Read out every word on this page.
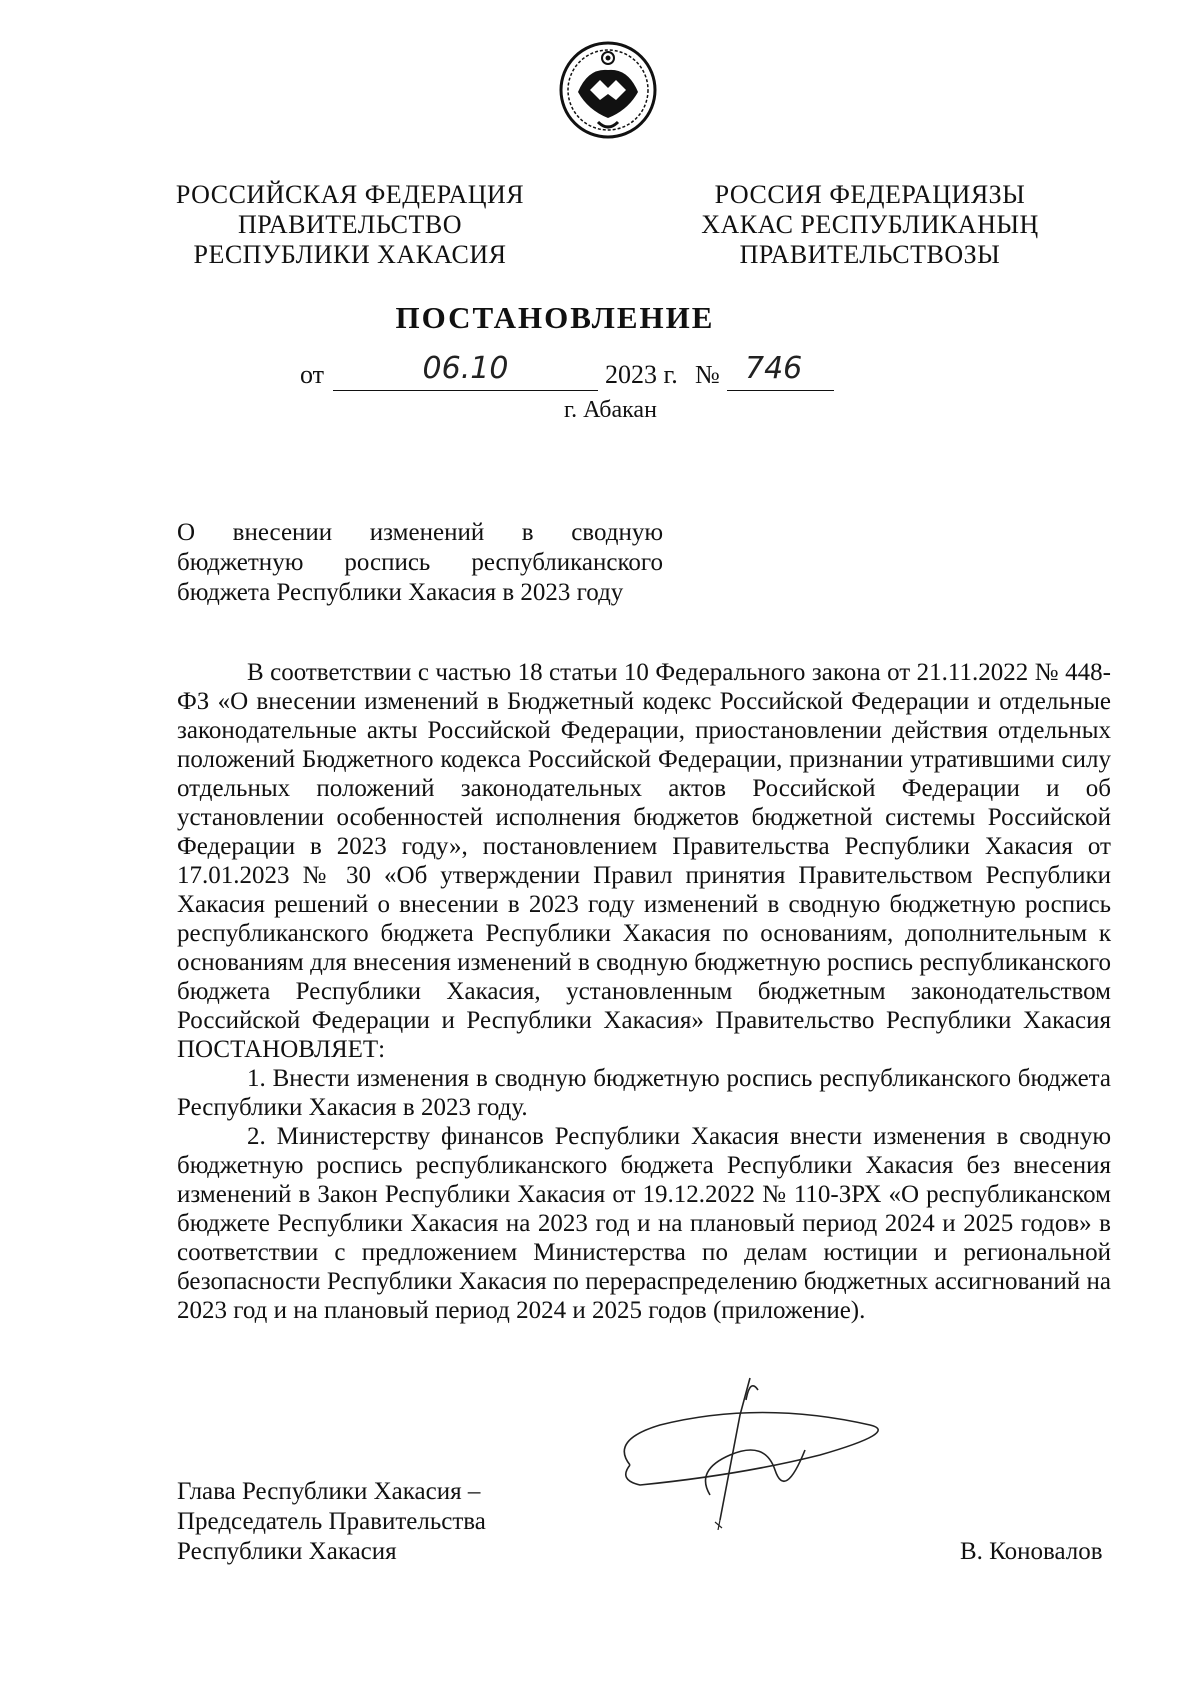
РОССИЙСКАЯ ФЕДЕРАЦИЯ
ПРАВИТЕЛЬСТВО
РЕСПУБЛИКИ ХАКАСИЯ
РОССИЯ ФЕДЕРАЦИЯЗЫ
ХАКАС РЕСПУБЛИКАНЫҢ
ПРАВИТЕЛЬСТВОЗЫ
ПОСТАНОВЛЕНИЕ
от	06.10	2023 г. № 746
г. Абакан
О внесении изменений в сводную
бюджетную роспись республиканского
бюджета Республики Хакасия в 2023 году

В соответствии с частью 18 статьи 10 Федерального закона от 21.11.2022 № 448-ФЗ «О внесении изменений в Бюджетный кодекс Российской Федерации и отдельные законодательные акты Российской Федерации, приостановлении действия отдельных положений Бюджетного кодекса Российской Федерации, признании утратившими силу отдельных положений законодательных актов Российской Федерации и об установлении особенностей исполнения бюджетов бюджетной системы Российской Федерации в 2023 году», постановлением Правительства Республики Хакасия от 17.01.2023 № 30 «Об утверждении Правил принятия Правительством Республики Хакасия решений о внесении в 2023 году изменений в сводную бюджетную роспись республиканского бюджета Республики Хакасия по основаниям, дополнительным к основаниям для внесения изменений в сводную бюджетную роспись республиканского бюджета Республики Хакасия, установленным бюджетным законодательством Российской Федерации и Республики Хакасия» Правительство Республики Хакасия ПОСТАНОВЛЯЕТ:

1. Внести изменения в сводную бюджетную роспись республиканского бюджета Республики Хакасия в 2023 году.

2. Министерству финансов Республики Хакасия внести изменения в сводную бюджетную роспись республиканского бюджета Республики Хакасия без внесения изменений в Закон Республики Хакасия от 19.12.2022 № 110-ЗРХ «О республиканском бюджете Республики Хакасия на 2023 год и на плановый период 2024 и 2025 годов» в соответствии с предложением Министерства по делам юстиции и региональной безопасности Республики Хакасия по перераспределению бюджетных ассигнований на 2023 год и на плановый период 2024 и 2025 годов (приложение).

Глава Республики Хакасия –
Председатель Правительства
Республики Хакасия	В. Коновалов
